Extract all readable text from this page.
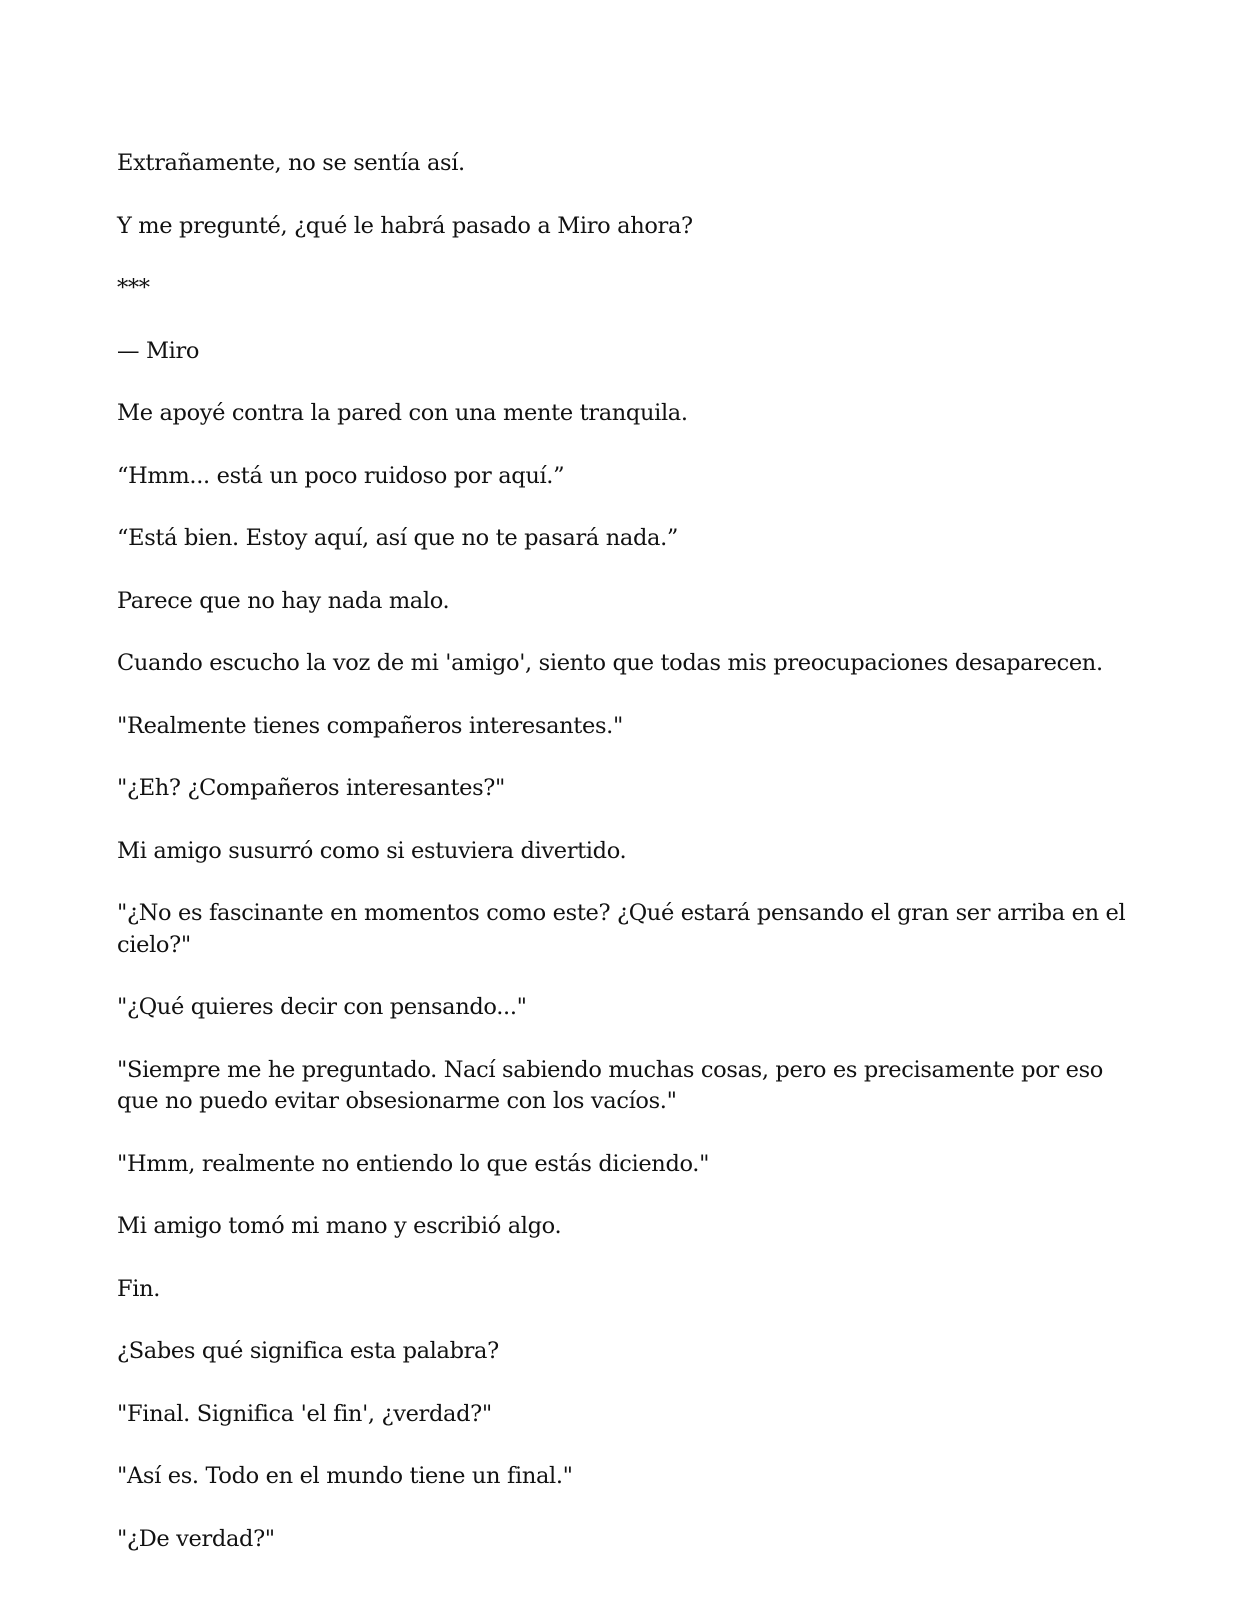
Extrañamente, no se sentía así.

Y me pregunté, ¿qué le habrá pasado a Miro ahora?

***

— Miro

Me apoyé contra la pared con una mente tranquila.

“Hmm... está un poco ruidoso por aquí.”

“Está bien. Estoy aquí, así que no te pasará nada.”

Parece que no hay nada malo.

Cuando escucho la voz de mi 'amigo', siento que todas mis preocupaciones desaparecen.

"Realmente tienes compañeros interesantes."

"¿Eh? ¿Compañeros interesantes?"

Mi amigo susurró como si estuviera divertido.

"¿No es fascinante en momentos como este? ¿Qué estará pensando el gran ser arriba en el cielo?"

"¿Qué quieres decir con pensando..."

"Siempre me he preguntado. Nací sabiendo muchas cosas, pero es precisamente por eso que no puedo evitar obsesionarme con los vacíos."

"Hmm, realmente no entiendo lo que estás diciendo."

Mi amigo tomó mi mano y escribió algo.

Fin.

¿Sabes qué significa esta palabra?

"Final. Significa 'el fin', ¿verdad?"

"Así es. Todo en el mundo tiene un final."

"¿De verdad?"
